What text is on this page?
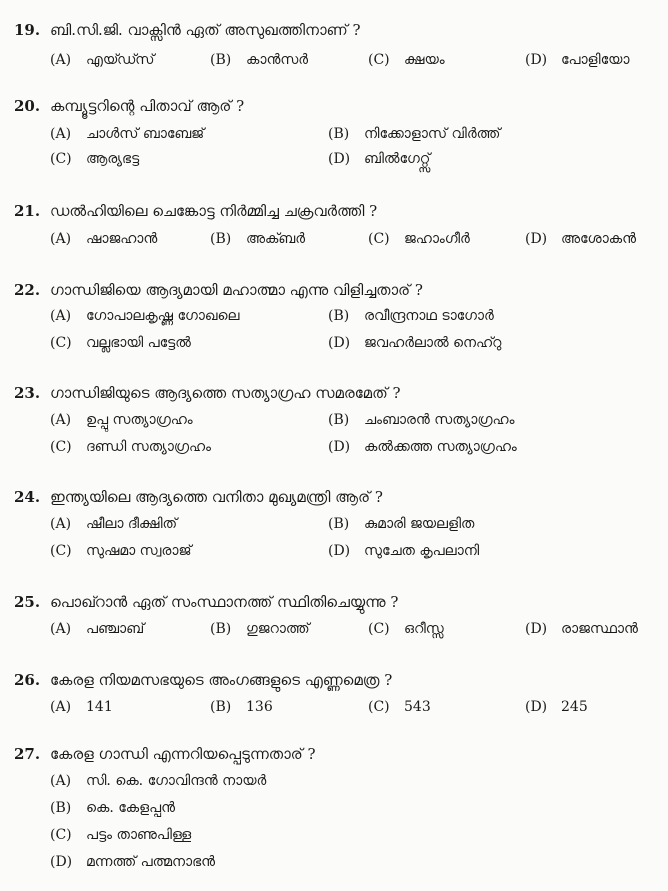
19. ബി.സി.ജി. വാക്സിൻ ഏത് അസുഖത്തിനാണ് ?
(A) എയ്ഡ്സ്	(B) കാൻസർ	(C) ക്ഷയം	(D) പോളിയോ
20. കമ്പ്യൂട്ടറിന്റെ പിതാവ് ആര് ?
(A) ചാൾസ് ബാബേജ്	(B) നിക്കോളാസ് വിർത്ത്
(C) ആര്യഭട്ട	(D) ബിൽഗേറ്റ്സ്
21. ഡൽഹിയിലെ ചെങ്കോട്ട നിർമ്മിച്ച ചക്രവർത്തി ?
(A) ഷാജഹാൻ	(B) അക്ബർ	(C) ജഹാംഗീർ	(D) അശോകൻ
22. ഗാന്ധിജിയെ ആദ്യമായി മഹാത്മാ എന്നു വിളിച്ചതാര് ?
(A) ഗോപാലകൃഷ്ണ ഗോഖലെ	(B) രവീന്ദ്രനാഥ ടാഗോർ
(C) വല്ലഭായി പട്ടേൽ	(D) ജവഹർലാൽ നെഹ്റു
23. ഗാന്ധിജിയുടെ ആദ്യത്തെ സത്യാഗ്രഹ സമരമേത് ?
(A) ഉപ്പു സത്യാഗ്രഹം	(B) ചംബാരൻ സത്യാഗ്രഹം
(C) ദണ്ഡി സത്യാഗ്രഹം	(D) കൽക്കത്ത സത്യാഗ്രഹം
24. ഇന്ത്യയിലെ ആദ്യത്തെ വനിതാ മുഖ്യമന്ത്രി ആര് ?
(A) ഷീലാ ദീക്ഷിത്	(B) കുമാരി ജയലളിത
(C) സുഷമാ സ്വരാജ്	(D) സുചേത കൃപലാനി
25. പൊഖ്റാൻ ഏത് സംസ്ഥാനത്ത് സ്ഥിതിചെയ്യുന്നു ?
(A) പഞ്ചാബ്	(B) ഗുജറാത്ത്	(C) ഒറീസ്സ	(D) രാജസ്ഥാൻ
26. കേരള നിയമസഭയുടെ അംഗങ്ങളുടെ എണ്ണമെത്ര ?
(A) 141	(B) 136	(C) 543	(D) 245
27. കേരള ഗാന്ധി എന്നറിയപ്പെടുന്നതാര് ?
(A) സി. കെ. ഗോവിന്ദൻ നായർ
(B) കെ. കേളപ്പൻ
(C) പട്ടം താണുപിള്ള
(D) മന്നത്ത് പത്മനാഭൻ
